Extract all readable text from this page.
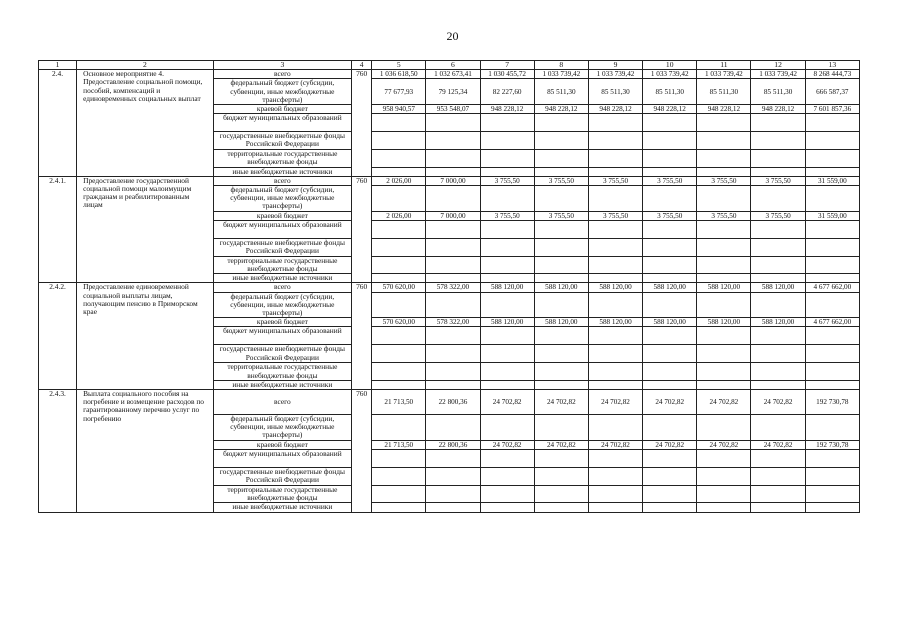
20
1	2	3	4	5	6	7	8	9	10	11	12	13
2.4.	Основное мероприятие 4. Предоставление социальной помощи, пособий, компенсаций и единовременных социальных выплат	всего	760	1 036 618,50	1 032 673,41	1 030 455,72	1 033 739,42	1 033 739,42	1 033 739,42	1 033 739,42	1 033 739,42	8 268 444,73
		федеральный бюджет (субсидии, субвенции, иные межбюджетные трансферты)		77 677,93	79 125,34	82 227,60	85 511,30	85 511,30	85 511,30	85 511,30	85 511,30	666 587,37
		краевой бюджет		958 940,57	953 548,07	948 228,12	948 228,12	948 228,12	948 228,12	948 228,12	948 228,12	7 601 857,36
		бюджет муниципальных образований										
		государственные внебюджетные фонды Российской Федерации										
		территориальные государственные внебюджетные фонды										
		иные внебюджетные источники										
2.4.1.	Предоставление государственной социальной помощи малоимущим гражданам и реабилитированным лицам	всего	760	2 026,00	7 000,00	3 755,50	3 755,50	3 755,50	3 755,50	3 755,50	3 755,50	31 559,00
		федеральный бюджет (субсидии, субвенции, иные межбюджетные трансферты)										
		краевой бюджет		2 026,00	7 000,00	3 755,50	3 755,50	3 755,50	3 755,50	3 755,50	3 755,50	31 559,00
		бюджет муниципальных образований										
		государственные внебюджетные фонды Российской Федерации										
		территориальные государственные внебюджетные фонды										
		иные внебюджетные источники										
2.4.2.	Предоставление единовременной социальной выплаты лицам, получающим пенсию в Приморском крае	всего	760	570 620,00	578 322,00	588 120,00	588 120,00	588 120,00	588 120,00	588 120,00	588 120,00	4 677 662,00
		федеральный бюджет (субсидии, субвенции, иные межбюджетные трансферты)										
		краевой бюджет		570 620,00	578 322,00	588 120,00	588 120,00	588 120,00	588 120,00	588 120,00	588 120,00	4 677 662,00
		бюджет муниципальных образований										
		государственные внебюджетные фонды Российской Федерации										
		территориальные государственные внебюджетные фонды										
		иные внебюджетные источники										
2.4.3.	Выплата социального пособия на погребение и возмещение расходов по гарантированному перечню услуг по погребению	всего	760	21 713,50	22 800,36	24 702,82	24 702,82	24 702,82	24 702,82	24 702,82	24 702,82	192 730,78
		федеральный бюджет (субсидии, субвенции, иные межбюджетные трансферты)										
		краевой бюджет		21 713,50	22 800,36	24 702,82	24 702,82	24 702,82	24 702,82	24 702,82	24 702,82	192 730,78
		бюджет муниципальных образований										
		государственные внебюджетные фонды Российской Федерации										
		территориальные государственные внебюджетные фонды										
		иные внебюджетные источники										
